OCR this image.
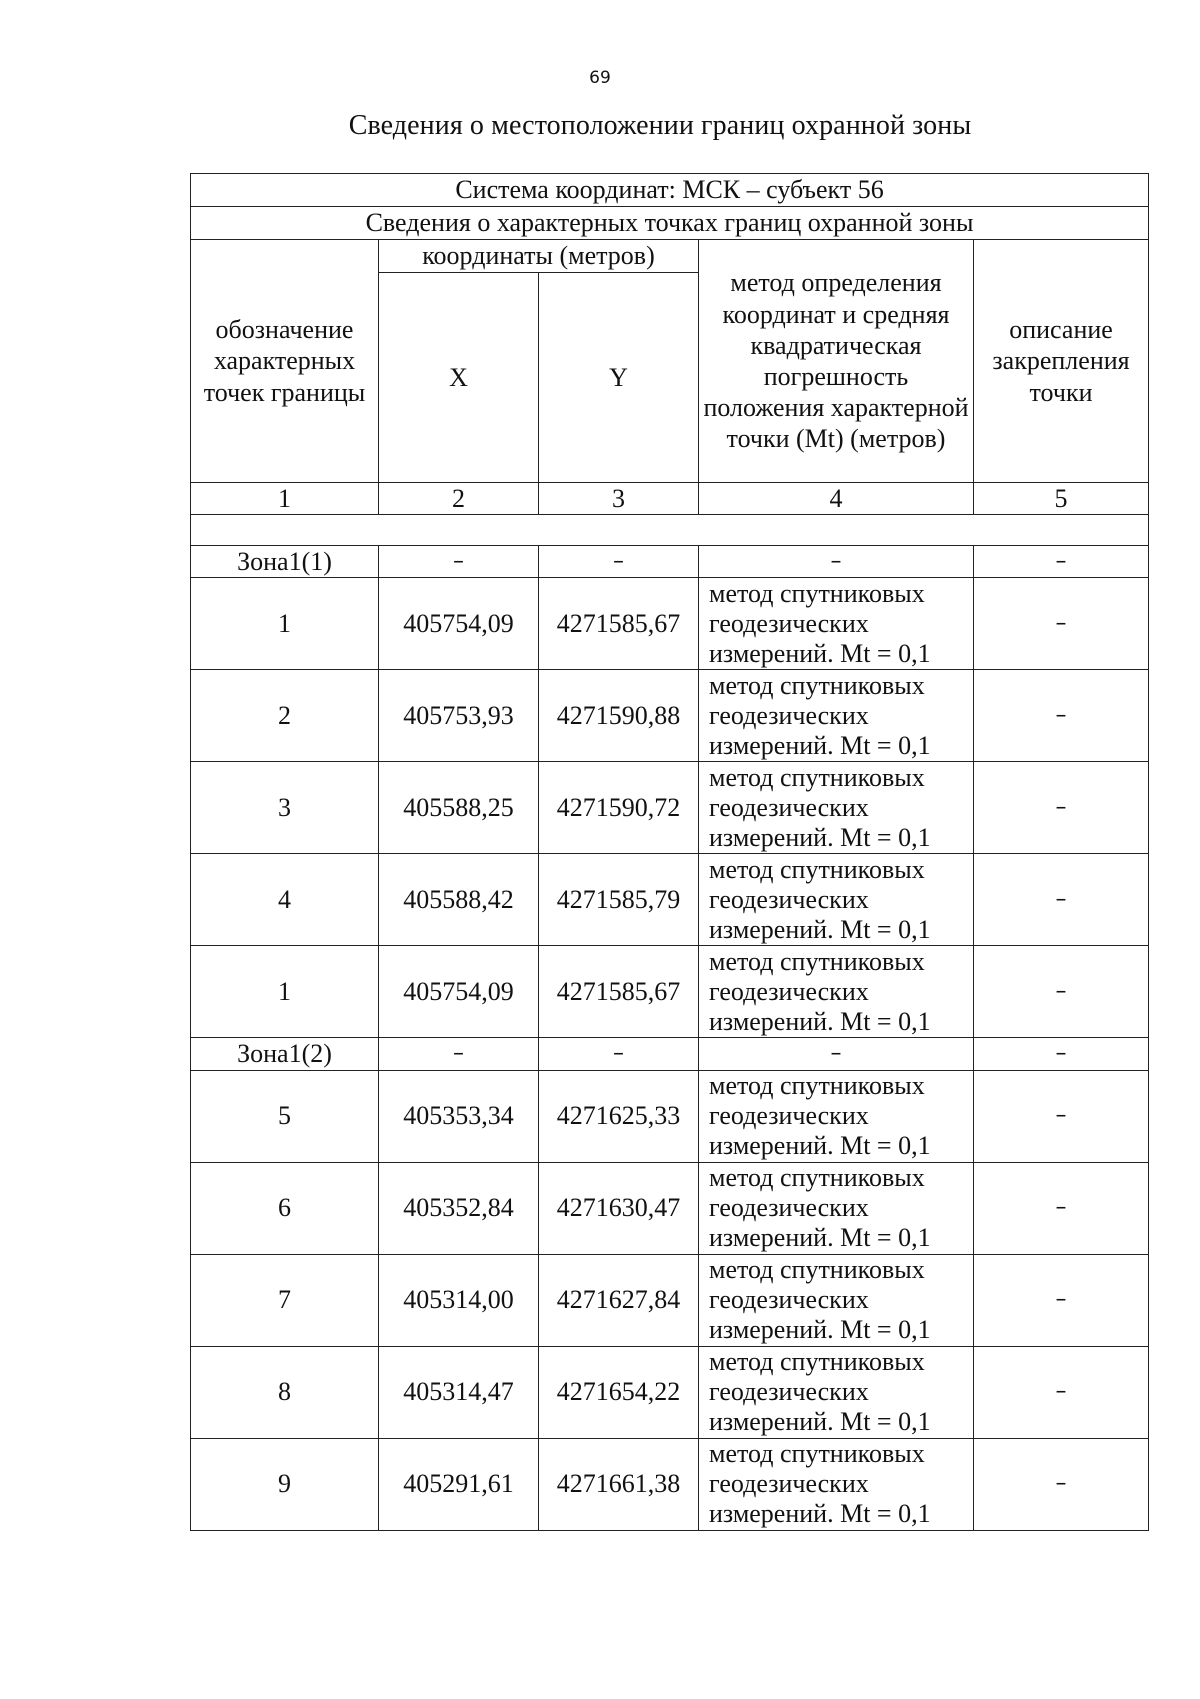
69
Сведения о местоположении границ охранной зоны
Система координат: МСК – субъект 56				
Сведения о характерных точках границ охранной зоны				
обозначение характерных точек границы	координаты (метров)		метод определения координат и средняя квадратическая погрешность положения характерной точки (Mt) (метров)	описание закрепления точки
	X	Y		
1	2	3	4	5

Зона1(1)	–	–	–	–
1	405754,09	4271585,67	метод спутниковых геодезических измерений. Mt = 0,1	–
2	405753,93	4271590,88	метод спутниковых геодезических измерений. Mt = 0,1	–
3	405588,25	4271590,72	метод спутниковых геодезических измерений. Mt = 0,1	–
4	405588,42	4271585,79	метод спутниковых геодезических измерений. Mt = 0,1	–
1	405754,09	4271585,67	метод спутниковых геодезических измерений. Mt = 0,1	–
Зона1(2)	–	–	–	–
5	405353,34	4271625,33	метод спутниковых геодезических измерений. Mt = 0,1	–
6	405352,84	4271630,47	метод спутниковых геодезических измерений. Mt = 0,1	–
7	405314,00	4271627,84	метод спутниковых геодезических измерений. Mt = 0,1	–
8	405314,47	4271654,22	метод спутниковых геодезических измерений. Mt = 0,1	–
9	405291,61	4271661,38	метод спутниковых геодезических измерений. Mt = 0,1	–
